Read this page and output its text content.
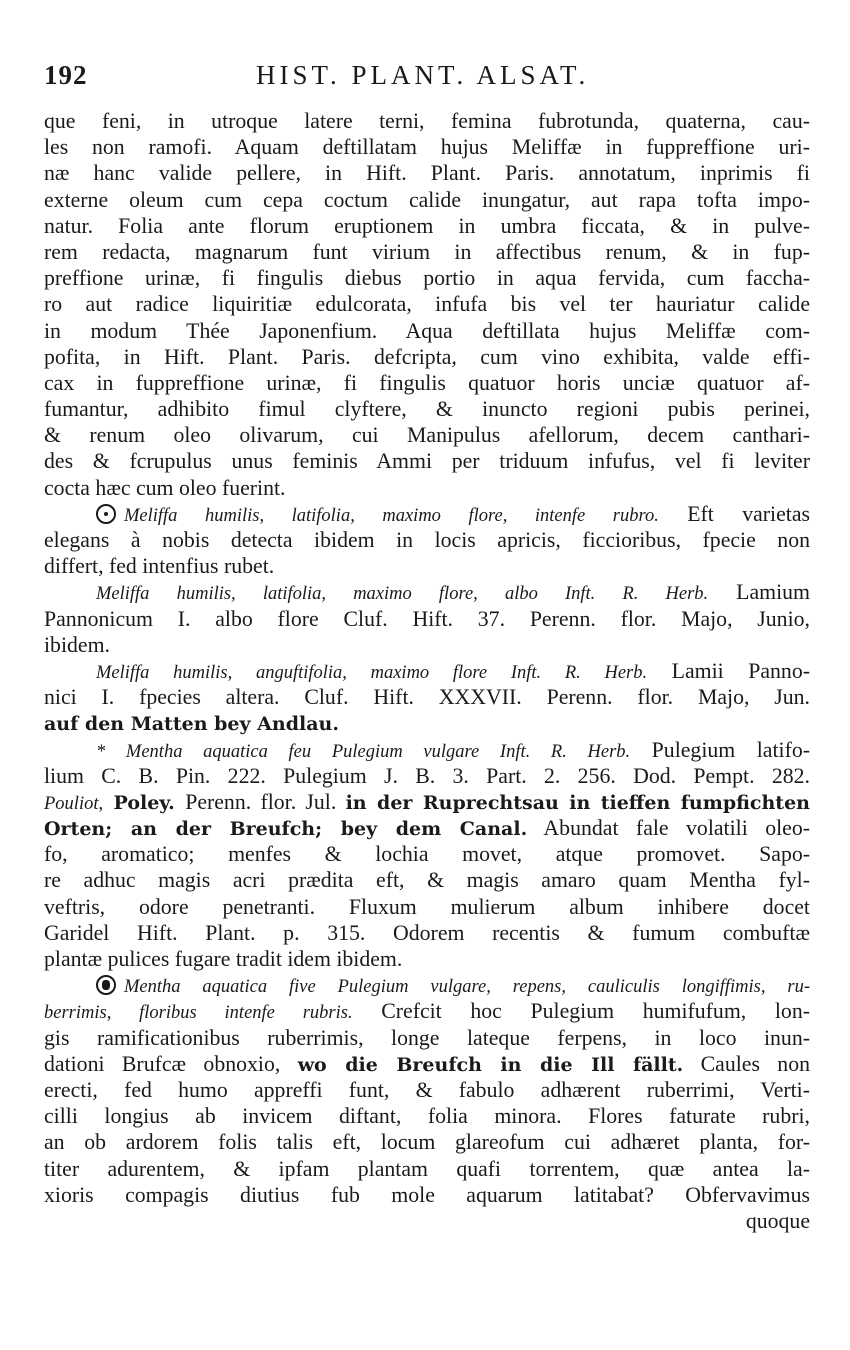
192	HIST. PLANT. ALSAT.
que feni, in utroque latere terni, femina fubrotunda, quaterna, cau-
les non ramofi. Aquam deftillatam hujus Meliffæ in fuppreffione uri-
næ hanc valide pellere, in Hift. Plant. Paris. annotatum, inprimis fi
externe oleum cum cepa coctum calide inungatur, aut rapa tofta impo-
natur. Folia ante florum eruptionem in umbra ficcata, & in pulve-
rem redacta, magnarum funt virium in affectibus renum, & in fup-
preffione urinæ, fi fingulis diebus portio in aqua fervida, cum faccha-
ro aut radice liquiritiæ edulcorata, infufa bis vel ter hauriatur calide
in modum Thée Japonenfium. Aqua deftillata hujus Meliffæ com-
pofita, in Hift. Plant. Paris. defcripta, cum vino exhibita, valde effi-
cax in fuppreffione urinæ, fi fingulis quatuor horis unciæ quatuor af-
fumantur, adhibito fimul clyftere, & inuncto regioni pubis perinei,
& renum oleo olivarum, cui Manipulus afellorum, decem canthari-
des & fcrupulus unus feminis Ammi per triduum infufus, vel fi leviter
cocta hæc cum oleo fuerint.
Meliffa humilis, latifolia, maximo flore, intenfe rubro. Eft varietas
elegans à nobis detecta ibidem in locis apricis, ficcioribus, fpecie non
differt, fed intenfius rubet.
Meliffa humilis, latifolia, maximo flore, albo Inft. R. Herb. Lamium
Pannonicum I. albo flore Cluf. Hift. 37. Perenn. flor. Majo, Junio,
ibidem.
Meliffa humilis, anguftifolia, maximo flore Inft. R. Herb. Lamii Panno-
nici I. fpecies altera. Cluf. Hift. XXXVII. Perenn. flor. Majo, Jun.
auf den Matten bey Andlau.
* Mentha aquatica feu Pulegium vulgare Inft. R. Herb. Pulegium latifo-
lium C. B. Pin. 222. Pulegium J. B. 3. Part. 2. 256. Dod. Pempt. 282.
Pouliot, Poley. Perenn. flor. Jul. in der Ruprechtsau in tieffen fumpfichten
Orten; an der Breufch; bey dem Canal. Abundat fale volatili oleo-
fo, aromatico; menfes & lochia movet, atque promovet. Sapo-
re adhuc magis acri prædita eft, & magis amaro quam Mentha fyl-
veftris, odore penetranti. Fluxum mulierum album inhibere docet
Garidel Hift. Plant. p. 315. Odorem recentis & fumum combuftæ
plantæ pulices fugare tradit idem ibidem.
Mentha aquatica five Pulegium vulgare, repens, cauliculis longiffimis, ru-
berrimis, floribus intenfe rubris. Crefcit hoc Pulegium humifufum, lon-
gis ramificationibus ruberrimis, longe lateque ferpens, in loco inun-
dationi Brufcæ obnoxio, wo die Breufch in die Ill fällt. Caules non
erecti, fed humo appreffi funt, & fabulo adhærent ruberrimi, Verti-
cilli longius ab invicem diftant, folia minora. Flores faturate rubri,
an ob ardorem folis talis eft, locum glareofum cui adhæret planta, for-
titer adurentem, & ipfam plantam quafi torrentem, quæ antea la-
xioris compagis diutius fub mole aquarum latitabat? Obfervavimus
quoque
